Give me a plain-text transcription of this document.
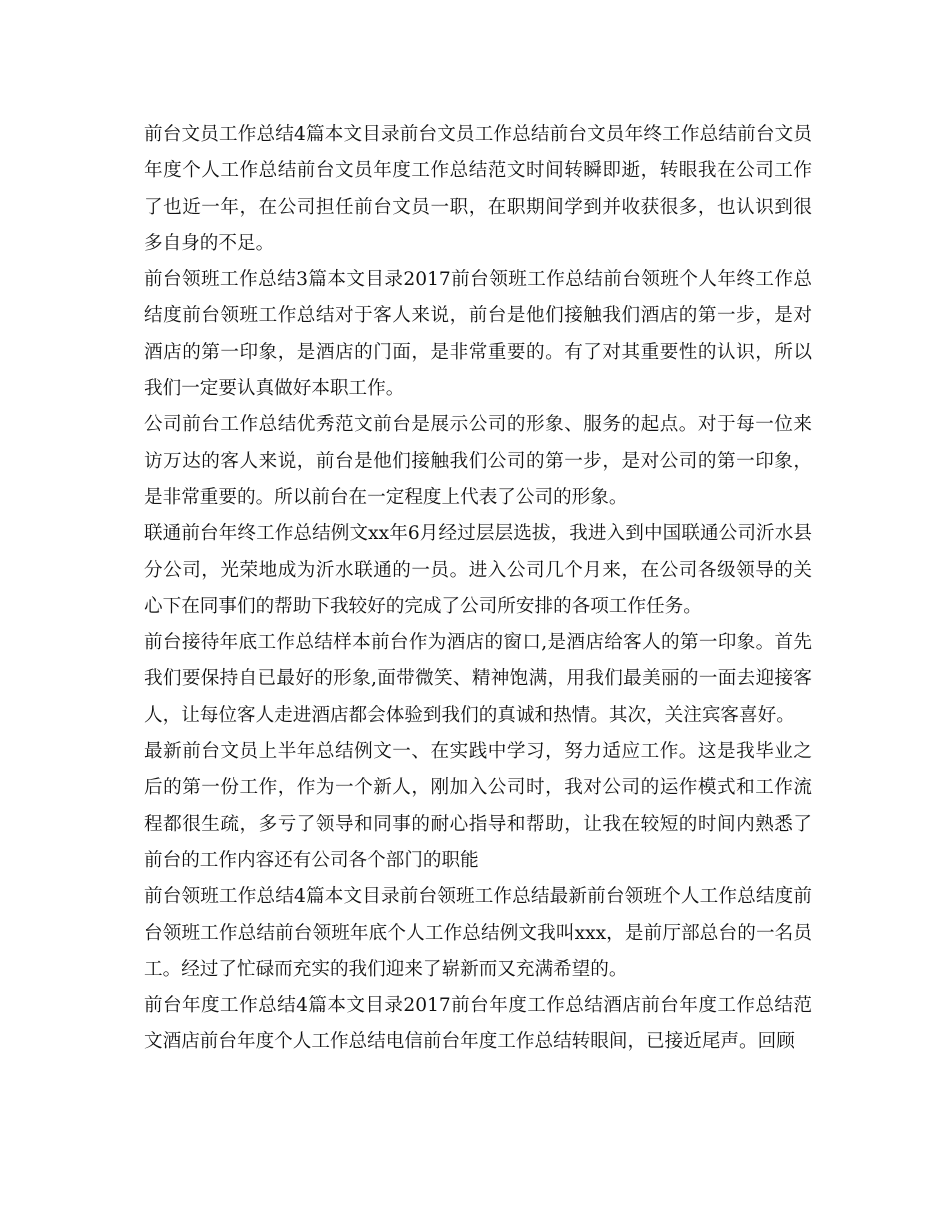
前台文员工作总结4篇本文目录前台文员工作总结前台文员年终工作总结前台文员年度个人工作总结前台文员年度工作总结范文时间转瞬即逝，转眼我在公司工作了也近一年，在公司担任前台文员一职，在职期间学到并收获很多，也认识到很多自身的不足。

前台领班工作总结3篇本文目录2017前台领班工作总结前台领班个人年终工作总结度前台领班工作总结对于客人来说，前台是他们接触我们酒店的第一步，是对酒店的第一印象，是酒店的门面，是非常重要的。有了对其重要性的认识，所以我们一定要认真做好本职工作。

公司前台工作总结优秀范文前台是展示公司的形象、服务的起点。对于每一位来访万达的客人来说，前台是他们接触我们公司的第一步，是对公司的第一印象，是非常重要的。所以前台在一定程度上代表了公司的形象。

联通前台年终工作总结例文xx年6月经过层层选拔，我进入到中国联通公司沂水县分公司，光荣地成为沂水联通的一员。进入公司几个月来，在公司各级领导的关心下在同事们的帮助下我较好的完成了公司所安排的各项工作任务。

前台接待年底工作总结样本前台作为酒店的窗口,是酒店给客人的第一印象。首先我们要保持自已最好的形象,面带微笑、精神饱满，用我们最美丽的一面去迎接客人，让每位客人走进酒店都会体验到我们的真诚和热情。其次，关注宾客喜好。

最新前台文员上半年总结例文一、在实践中学习，努力适应工作。这是我毕业之后的第一份工作，作为一个新人，刚加入公司时，我对公司的运作模式和工作流程都很生疏，多亏了领导和同事的耐心指导和帮助，让我在较短的时间内熟悉了前台的工作内容还有公司各个部门的职能

前台领班工作总结4篇本文目录前台领班工作总结最新前台领班个人工作总结度前台领班工作总结前台领班年底个人工作总结例文我叫xxx，是前厅部总台的一名员工。经过了忙碌而充实的我们迎来了崭新而又充满希望的。

前台年度工作总结4篇本文目录2017前台年度工作总结酒店前台年度工作总结范文酒店前台年度个人工作总结电信前台年度工作总结转眼间，已接近尾声。回顾
